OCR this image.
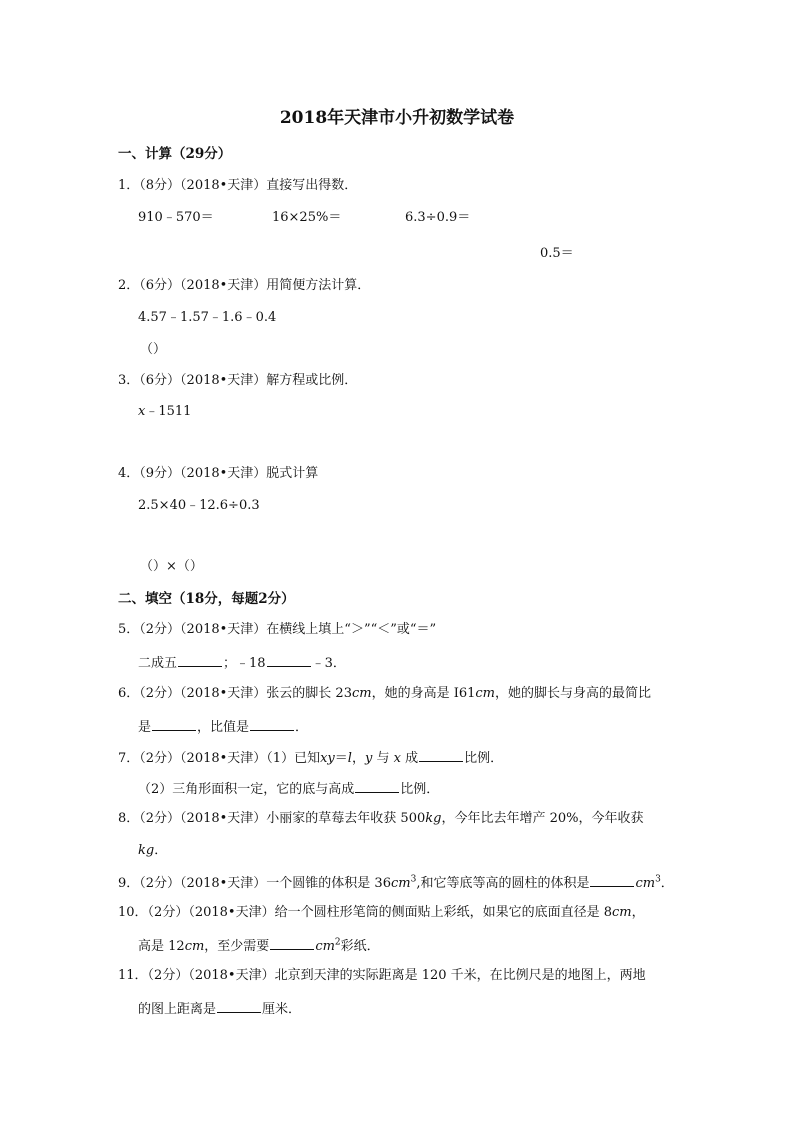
2018年天津市小升初数学试卷
一、计算（29分）
1．（8分）（2018•天津）直接写出得数．
910﹣570＝	16×25%＝	6.3÷0.9＝
0.5＝
2．（6分）（2018•天津）用简便方法计算．
4.57﹣1.57﹣1.6﹣0.4
（）
3．（6分）（2018•天津）解方程或比例．
x﹣1511
4．（9分）（2018•天津）脱式计算
2.5×40﹣12.6÷0.3
（）×（）
二、填空（18分，每题2分）
5．（2分）（2018•天津）在横线上填上“＞”“＜”或“＝”
二成五	；﹣18	﹣3．
6．（2分）（2018•天津）张云的脚长 23cm，她的身高是 I61cm，她的脚长与身高的最简比
是	，比值是	．
7．（2分）（2018•天津）（1）已知xy＝l，y 与 x 成	比例．
（2）三角形面积一定，它的底与高成	比例．
8．（2分）（2018•天津）小丽家的草莓去年收获 500kg，今年比去年增产 20%，今年收获
kg．
9．（2分）（2018•天津）一个圆锥的体积是 $36cm^3$,和它等底等高的圆柱的体积是	$cm^3$．
10．（2分）（2018•天津）给一个圆柱形笔筒的侧面贴上彩纸，如果它的底面直径是 8cm，
高是 12cm，至少需要	$cm^2$彩纸．
11．（2分）（2018•天津）北京到天津的实际距离是 120 千米，在比例尺是的地图上，两地
的图上距离是	厘米．
